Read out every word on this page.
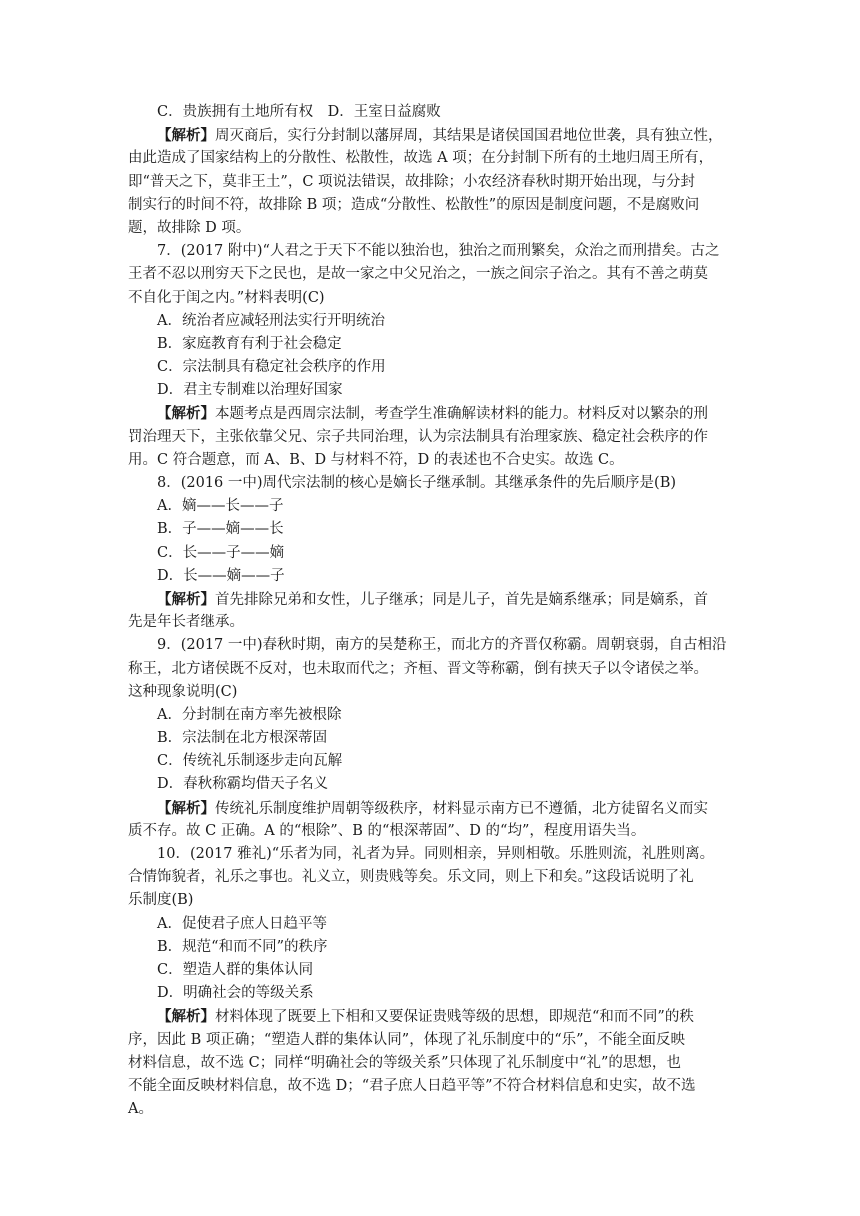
C．贵族拥有土地所有权　D．王室日益腐败
【解析】周灭商后，实行分封制以藩屏周，其结果是诸侯国国君地位世袭，具有独立性，
由此造成了国家结构上的分散性、松散性，故选 A 项；在分封制下所有的土地归周王所有，
即“普天之下，莫非王土”，C 项说法错误，故排除；小农经济春秋时期开始出现，与分封
制实行的时间不符，故排除 B 项；造成“分散性、松散性”的原因是制度问题，不是腐败问
题，故排除 D 项。
7．(2017 附中)“人君之于天下不能以独治也，独治之而刑繁矣，众治之而刑措矣。古之
王者不忍以刑穷天下之民也，是故一家之中父兄治之，一族之间宗子治之。其有不善之萌莫
不自化于闺之内。”材料表明(C)
A．统治者应减轻刑法实行开明统治
B．家庭教育有利于社会稳定
C．宗法制具有稳定社会秩序的作用
D．君主专制难以治理好国家
【解析】本题考点是西周宗法制，考查学生准确解读材料的能力。材料反对以繁杂的刑
罚治理天下，主张依靠父兄、宗子共同治理，认为宗法制具有治理家族、稳定社会秩序的作
用。C 符合题意，而 A、B、D 与材料不符，D 的表述也不合史实。故选 C。
8．(2016 一中)周代宗法制的核心是嫡长子继承制。其继承条件的先后顺序是(B)
A．嫡——长——子
B．子——嫡——长
C．长——子——嫡
D．长——嫡——子
【解析】首先排除兄弟和女性，儿子继承；同是儿子，首先是嫡系继承；同是嫡系，首
先是年长者继承。
9．(2017 一中)春秋时期，南方的吴楚称王，而北方的齐晋仅称霸。周朝衰弱，自古相沿
称王，北方诸侯既不反对，也未取而代之；齐桓、晋文等称霸，倒有挟天子以令诸侯之举。
这种现象说明(C)
A．分封制在南方率先被根除
B．宗法制在北方根深蒂固
C．传统礼乐制逐步走向瓦解
D．春秋称霸均借天子名义
【解析】传统礼乐制度维护周朝等级秩序，材料显示南方已不遵循，北方徒留名义而实
质不存。故 C 正确。A 的“根除”、B 的“根深蒂固”、D 的“均”，程度用语失当。
10．(2017 雅礼)“乐者为同，礼者为异。同则相亲，异则相敬。乐胜则流，礼胜则离。
合情饰貌者，礼乐之事也。礼义立，则贵贱等矣。乐文同，则上下和矣。”这段话说明了礼
乐制度(B)
A．促使君子庶人日趋平等
B．规范“和而不同”的秩序
C．塑造人群的集体认同
D．明确社会的等级关系
【解析】材料体现了既要上下相和又要保证贵贱等级的思想，即规范“和而不同”的秩
序，因此 B 项正确；“塑造人群的集体认同”，体现了礼乐制度中的“乐”，不能全面反映
材料信息，故不选 C；同样“明确社会的等级关系”只体现了礼乐制度中“礼”的思想，也
不能全面反映材料信息，故不选 D；“君子庶人日趋平等”不符合材料信息和史实，故不选
A。
